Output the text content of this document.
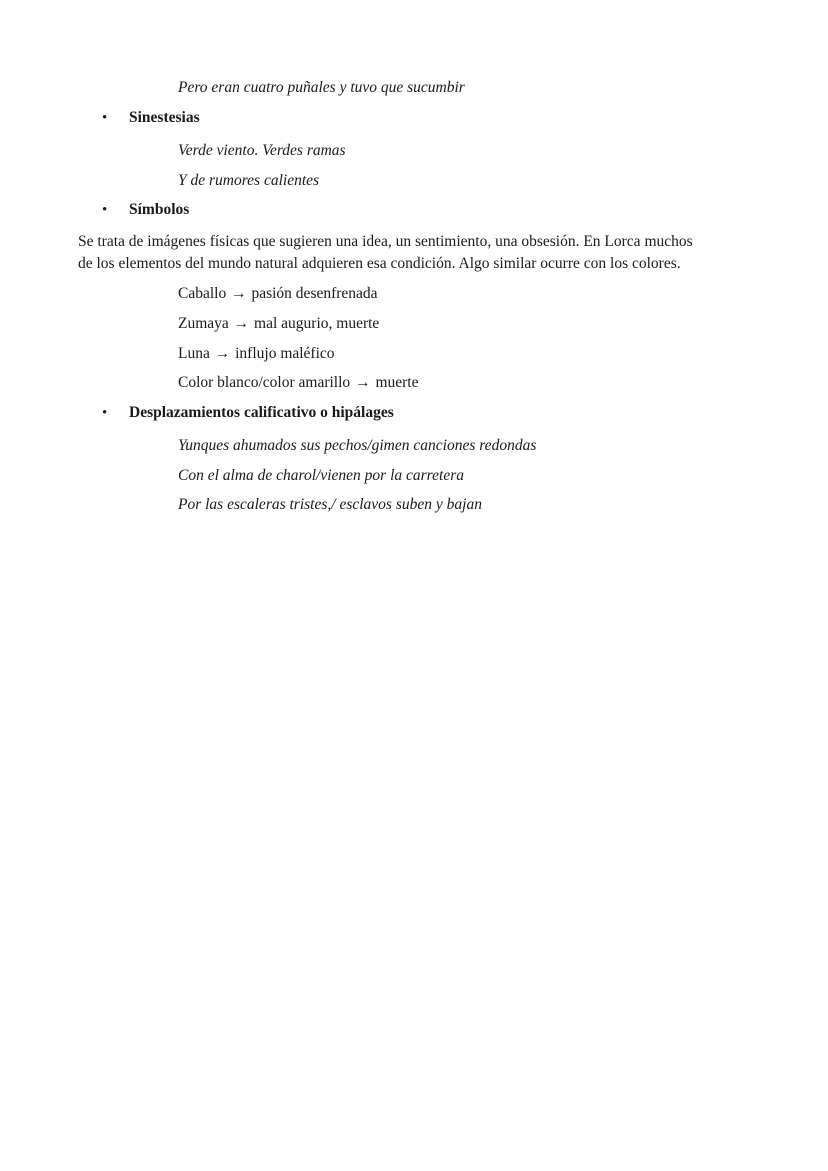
Pero eran cuatro puñales y tuvo que sucumbir
• Sinestesias
Verde viento. Verdes ramas
Y de rumores calientes
• Símbolos
Se trata de imágenes físicas que sugieren una idea, un sentimiento, una obsesión. En Lorca muchos
de los elementos del mundo natural adquieren esa condición. Algo similar ocurre con los colores.
Caballo → pasión desenfrenada
Zumaya → mal augurio, muerte
Luna → influjo maléfico
Color blanco/color amarillo → muerte
• Desplazamientos calificativo o hipálages
Yunques ahumados sus pechos/gimen canciones redondas
Con el alma de charol/vienen por la carretera
Por las escaleras tristes,/ esclavos suben y bajan
